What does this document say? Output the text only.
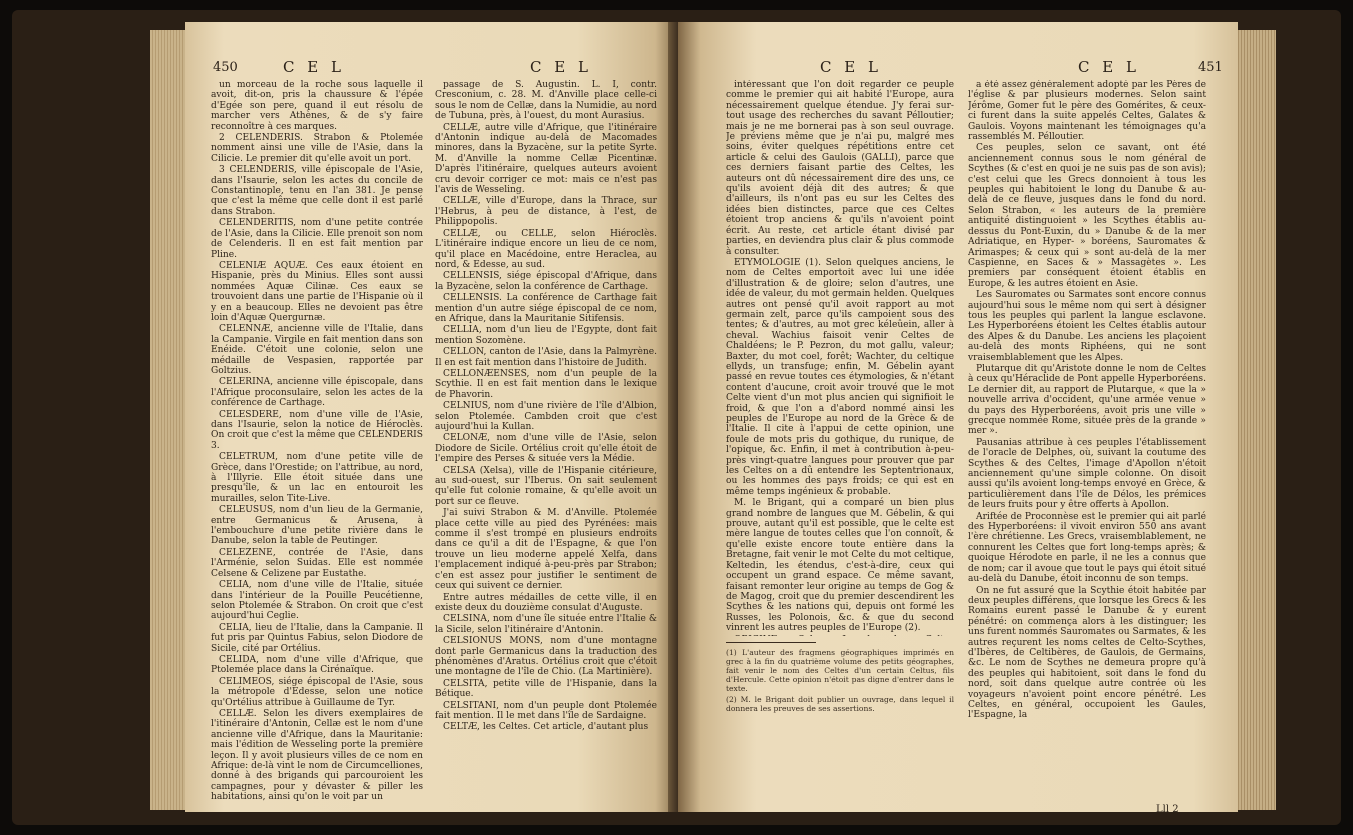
450	C E L	C E L

un morceau de la roche sous laquelle il avoit, dit-on, pris la chaussure & l'épée d'Egée son pere, quand il eut résolu de marcher vers Athènes, & de s'y faire reconnoître à ces marques.

2 CELENDERIS. Strabon & Ptolemée nomment ainsi une ville de l'Asie, dans la Cilicie. Le premier dit qu'elle avoit un port.

3 CELENDERIS, ville épiscopale de l'Asie, dans l'Isaurie, selon les actes du concile de Constantinople, tenu en l'an 381. Je pense que c'est la même que celle dont il est parlé dans Strabon.

CELENDERITIS, nom d'une petite contrée de l'Asie, dans la Cilicie. Elle prenoit son nom de Celenderis. Il en est fait mention par Pline.

CELENIÆ AQUÆ. Ces eaux étoient en Hispanie, près du Minius. Elles sont aussi nommées Aquæ Cilinæ. Ces eaux se trouvoient dans une partie de l'Hispanie où il y en a beaucoup. Elles ne devoient pas être loin d'Aquæ Quergurnæ.

CELENNÆ, ancienne ville de l'Italie, dans la Campanie. Virgile en fait mention dans son Enéide. C'étoit une colonie, selon une médaille de Vespasien, rapportée par Goltzius.

CELERINA, ancienne ville épiscopale, dans l'Afrique proconsulaire, selon les actes de la conférence de Carthage.

CELESDERE, nom d'une ville de l'Asie, dans l'Isaurie, selon la notice de Hiéroclès. On croit que c'est la même que CELENDERIS 3.

CELETRUM, nom d'une petite ville de Grèce, dans l'Orestide; on l'attribue, au nord, à l'Illyrie. Elle étoit située dans une presqu'île, & un lac en entouroit les murailles, selon Tite-Live.

CELEUSUS, nom d'un lieu de la Germanie, entre Germanicus & Arusena, à l'embouchure d'une petite rivière dans le Danube, selon la table de Peutinger.

CELEZENE, contrée de l'Asie, dans l'Arménie, selon Suidas. Elle est nommée Celsene & Celizene par Eustathe.

CELIA, nom d'une ville de l'Italie, située dans l'intérieur de la Pouille Peucétienne, selon Ptolemée & Strabon. On croit que c'est aujourd'hui Ceglie.

CELIA, lieu de l'Italie, dans la Campanie. Il fut pris par Quintus Fabius, selon Diodore de Sicile, cité par Ortélius.

CELIDA, nom d'une ville d'Afrique, que Ptolemée place dans la Cirénaïque.

CELIMEOS, siége épiscopal de l'Asie, sous la métropole d'Edesse, selon une notice qu'Ortélius attribue à Guillaume de Tyr.

CELLÆ. Selon les divers exemplaires de l'itinéraire d'Antonin, Cellæ est le nom d'une ancienne ville d'Afrique, dans la Mauritanie: mais l'édition de Wesseling porte la première leçon. Il y avoit plusieurs villes de ce nom en Afrique: de-là vint le nom de Circumcelliones, donné à des brigands qui parcouroient les campagnes, pour y dévaster & piller les habitations, ainsi qu'on le voit par un

passage de S. Augustin. L. I, contr. Cresconium, c. 28. M. d'Anville place celle-ci sous le nom de Cellæ, dans la Numidie, au nord de Tubuna, près, à l'ouest, du mont Aurasius.

CELLÆ, autre ville d'Afrique, que l'itinéraire d'Antonin indique au-delà de Macomades minores, dans la Byzacène, sur la petite Syrte. M. d'Anville la nomme Cellæ Picentinæ. D'après l'itinéraire, quelques auteurs avoient cru devoir corriger ce mot: mais ce n'est pas l'avis de Wesseling.

CELLÆ, ville d'Europe, dans la Thrace, sur l'Hebrus, à peu de distance, à l'est, de Philippopolis.

CELLÆ, ou CELLE, selon Hiéroclès. L'itinéraire indique encore un lieu de ce nom, qu'il place en Macédoine, entre Heraclea, au nord, & Edesse, au sud.

CELLENSIS, siége épiscopal d'Afrique, dans la Byzacène, selon la conférence de Carthage.

CELLENSIS. La conférence de Carthage fait mention d'un autre siége épiscopal de ce nom, en Afrique, dans la Mauritanie Sitifensis.

CELLIA, nom d'un lieu de l'Egypte, dont fait mention Sozomène.

CELLON, canton de l'Asie, dans la Palmyrène. Il en est fait mention dans l'histoire de Judith.

CELLONÆENSES, nom d'un peuple de la Scythie. Il en est fait mention dans le lexique de Phavorin.

CELNIUS, nom d'une rivière de l'île d'Albion, selon Ptolemée. Cambden croit que c'est aujourd'hui la Kullan.

CELONÆ, nom d'une ville de l'Asie, selon Diodore de Sicile. Ortélius croit qu'elle étoit de l'empire des Perses & située vers la Médie.

CELSA (Xelsa), ville de l'Hispanie citérieure, au sud-ouest, sur l'Iberus. On sait seulement qu'elle fut colonie romaine, & qu'elle avoit un port sur ce fleuve.

J'ai suivi Strabon & M. d'Anville. Ptolemée place cette ville au pied des Pyrénées: mais comme il s'est trompé en plusieurs endroits dans ce qu'il a dit de l'Espagne, & que l'on trouve un lieu moderne appelé Xelfa, dans l'emplacement indiqué à-peu-près par Strabon; c'en est assez pour justifier le sentiment de ceux qui suivent ce dernier.

Entre autres médailles de cette ville, il en existe deux du douzième consulat d'Auguste.

CELSINA, nom d'une île située entre l'Italie & la Sicile, selon l'itinéraire d'Antonin.

CELSIONUS MONS, nom d'une montagne dont parle Germanicus dans la traduction des phénomènes d'Aratus. Ortélius croit que c'étoit une montagne de l'île de Chio. (La Martinière).

CELSITA, petite ville de l'Hispanie, dans la Bétique.

CELSITANI, nom d'un peuple dont Ptolemée fait mention. Il le met dans l'île de Sardaigne.

CELTÆ, les Celtes. Cet article, d'autant plus

C E L	C E L	451

intéressant que l'on doit regarder ce peuple comme le premier qui ait habité l'Europe, aura nécessairement quelque étendue. J'y ferai sur-tout usage des recherches du savant Pélloutier; mais je ne me bornerai pas à son seul ouvrage. Je préviens même que je n'ai pu, malgré mes soins, éviter quelques répétitions entre cet article & celui des Gaulois (GALLI), parce que ces derniers faisant partie des Celtes, les auteurs ont dû nécessairement dire des uns, ce qu'ils avoient déjà dit des autres; & que d'ailleurs, ils n'ont pas eu sur les Celtes des idées bien distinctes, parce que ces Celtes étoient trop anciens & qu'ils n'avoient point écrit. Au reste, cet article étant divisé par parties, en deviendra plus clair & plus commode à consulter.

ETYMOLOGIE (1). Selon quelques anciens, le nom de Celtes emportoit avec lui une idée d'illustration & de gloire; selon d'autres, une idée de valeur, du mot germain helden. Quelques autres ont pensé qu'il avoit rapport au mot germain zelt, parce qu'ils campoient sous des tentes; & d'autres, au mot grec kéleûein, aller à cheval. Wachius faisoit venir Celtes de Chaldéens; le P. Pezron, du mot gallu, valeur; Baxter, du mot coel, forêt; Wachter, du celtique ellyds, un transfuge; enfin, M. Gébelin ayant passé en revue toutes ces étymologies, & n'étant content d'aucune, croit avoir trouvé que le mot Celte vient d'un mot plus ancien qui signifioit le froid, & que l'on a d'abord nommé ainsi les peuples de l'Europe au nord de la Grèce & de l'Italie. Il cite à l'appui de cette opinion, une foule de mots pris du gothique, du runique, de l'opique, &c. Enfin, il met à contribution à-peu-près vingt-quatre langues pour prouver que par les Celtes on a dû entendre les Septentrionaux, ou les hommes des pays froids; ce qui est en même temps ingénieux & probable.

M. le Brigant, qui a comparé un bien plus grand nombre de langues que M. Gébelin, & qui prouve, autant qu'il est possible, que le celte est mère langue de toutes celles que l'on connoît, & qu'elle existe encore toute entière dans la Bretagne, fait venir le mot Celte du mot celtique, Keltedin, les étendus, c'est-à-dire, ceux qui occupent un grand espace. Ce même savant, faisant remonter leur origine au temps de Gog & de Magog, croit que du premier descendirent les Scythes & les nations qui, depuis ont formé les Russes, les Polonois, &c. & que du second vinrent les autres peuples de l'Europe (2).

(1) L'auteur des fragmens géographiques imprimés en grec à la fin du quatrième volume des petits géographes, fait venir le nom des Celtes d'un certain Celtus, fils d'Hercule. Cette opinion n'étoit pas digne d'entrer dans le texte.

(2) M. le Brigant doit publier un ouvrage, dans lequel il donnera les preuves de ses assertions.

a été assez généralement adopté par les Pères de l'église & par plusieurs modernes. Selon saint Jérôme, Gomer fut le père des Gomérites, & ceux-ci furent dans la suite appelés Celtes, Galates & Gaulois. Voyons maintenant les témoignages qu'a rassemblés M. Pélloutier.

Ces peuples, selon ce savant, ont été anciennement connus sous le nom général de Scythes (& c'est en quoi je ne suis pas de son avis); c'est celui que les Grecs donnoient à tous les peuples qui habitoient le long du Danube & au-delà de ce fleuve, jusques dans le fond du nord. Selon Strabon, « les auteurs de la première antiquité distinguoient » les Scythes établis au-dessus du Pont-Euxin, du » Danube & de la mer Adriatique, en Hyper- » boréens, Sauromates & Arimaspes; & ceux qui » sont au-delà de la mer Caspienne, en Saces & » Massagètes ». Les premiers par conséquent étoient établis en Europe, & les autres étoient en Asie.

Les Sauromates ou Sarmates sont encore connus aujourd'hui sous le même nom qui sert à désigner tous les peuples qui parlent la langue esclavone. Les Hyperboréens étoient les Celtes établis autour des Alpes & du Danube. Les anciens les plaçoient au-delà des monts Riphéens, qui ne sont vraisemblablement que les Alpes.

Plutarque dit qu'Aristote donne le nom de Celtes à ceux qu'Héraclide de Pont appelle Hyperboréens. Le dernier dit, au rapport de Plutarque, « que la » nouvelle arriva d'occident, qu'une armée venue » du pays des Hyperboréens, avoit pris une ville » grecque nommée Rome, située près de la grande » mer ».

Pausanias attribue à ces peuples l'établissement de l'oracle de Delphes, où, suivant la coutume des Scythes & des Celtes, l'image d'Apollon n'étoit anciennement qu'une simple colonne. On disoit aussi qu'ils avoient long-temps envoyé en Grèce, & particulièrement dans l'île de Délos, les prémices de leurs fruits pour y être offerts à Apollon.

Ariftée de Proconnèse est le premier qui ait parlé des Hyperboréens: il vivoit environ 550 ans avant l'ère chrétienne. Les Grecs, vraisemblablement, ne connurent les Celtes que fort long-temps après; & quoique Hérodote en parle, il ne les a connus que de nom; car il avoue que tout le pays qui étoit situé au-delà du Danube, étoit inconnu de son temps.

On ne fut assuré que la Scythie étoit habitée par deux peuples différens, que lorsque les Grecs & les Romains eurent passé le Danube & y eurent pénétré: on commença alors à les distinguer; les uns furent nommés Sauromates ou Sarmates, & les autres reçurent les noms celtes de Celto-Scythes, d'Ibères, de Celtibères, de Gaulois, de Germains, &c. Le nom de Scythes ne demeura propre qu'à des peuples qui habitoient, soit dans le fond du nord, soit dans quelque autre contrée où les voyageurs n'avoient point encore pénétré. Les Celtes, en général, occupoient les Gaules, l'Espagne, la

Lll 2
